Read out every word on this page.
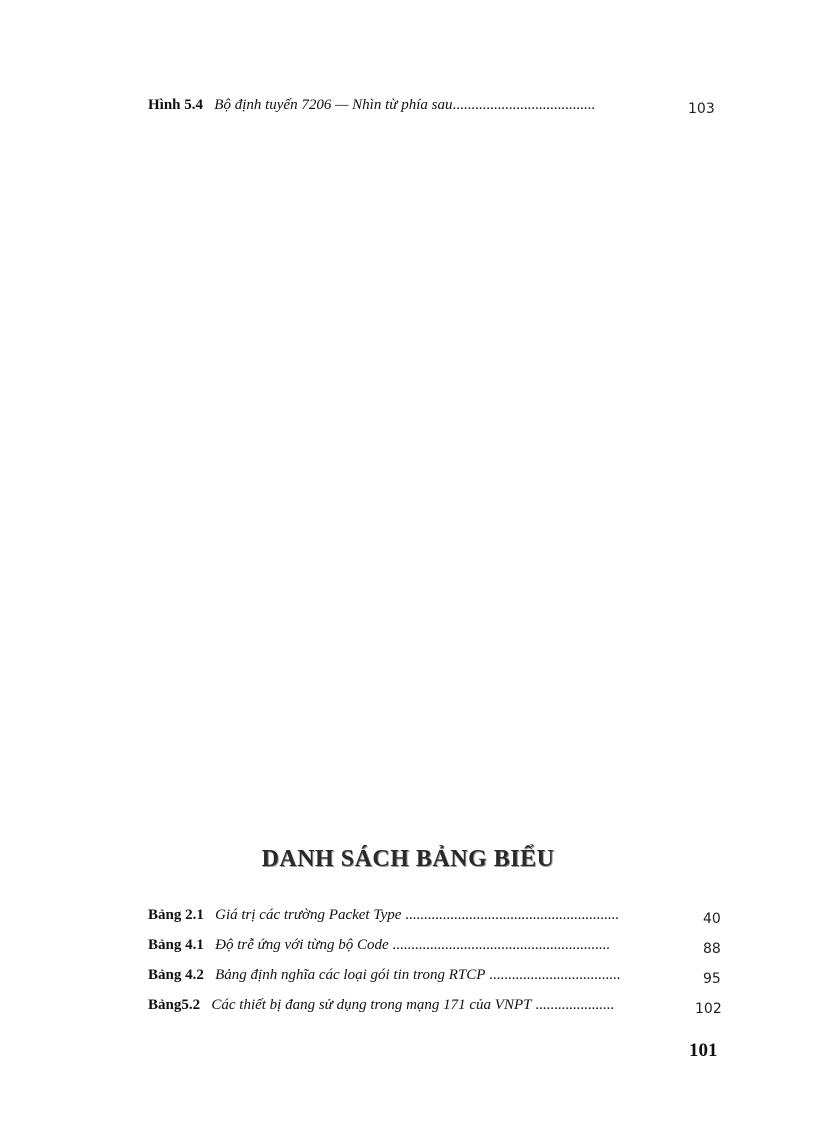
Hình 5.4 Bộ định tuyến 7206 — Nhìn từ phía sau......................................	103
DANH SÁCH BẢNG BIỂU
Bảng 2.1 Giá trị các trường Packet Type .........................................................	40
Bảng 4.1 Độ trễ ứng với từng bộ Code ..........................................................	88
Bảng 4.2 Bảng định nghĩa các loại gói tin trong RTCP ...................................	95
Bảng5.2 Các thiết bị đang sử dụng trong mạng 171 của VNPT .....................	102
101
